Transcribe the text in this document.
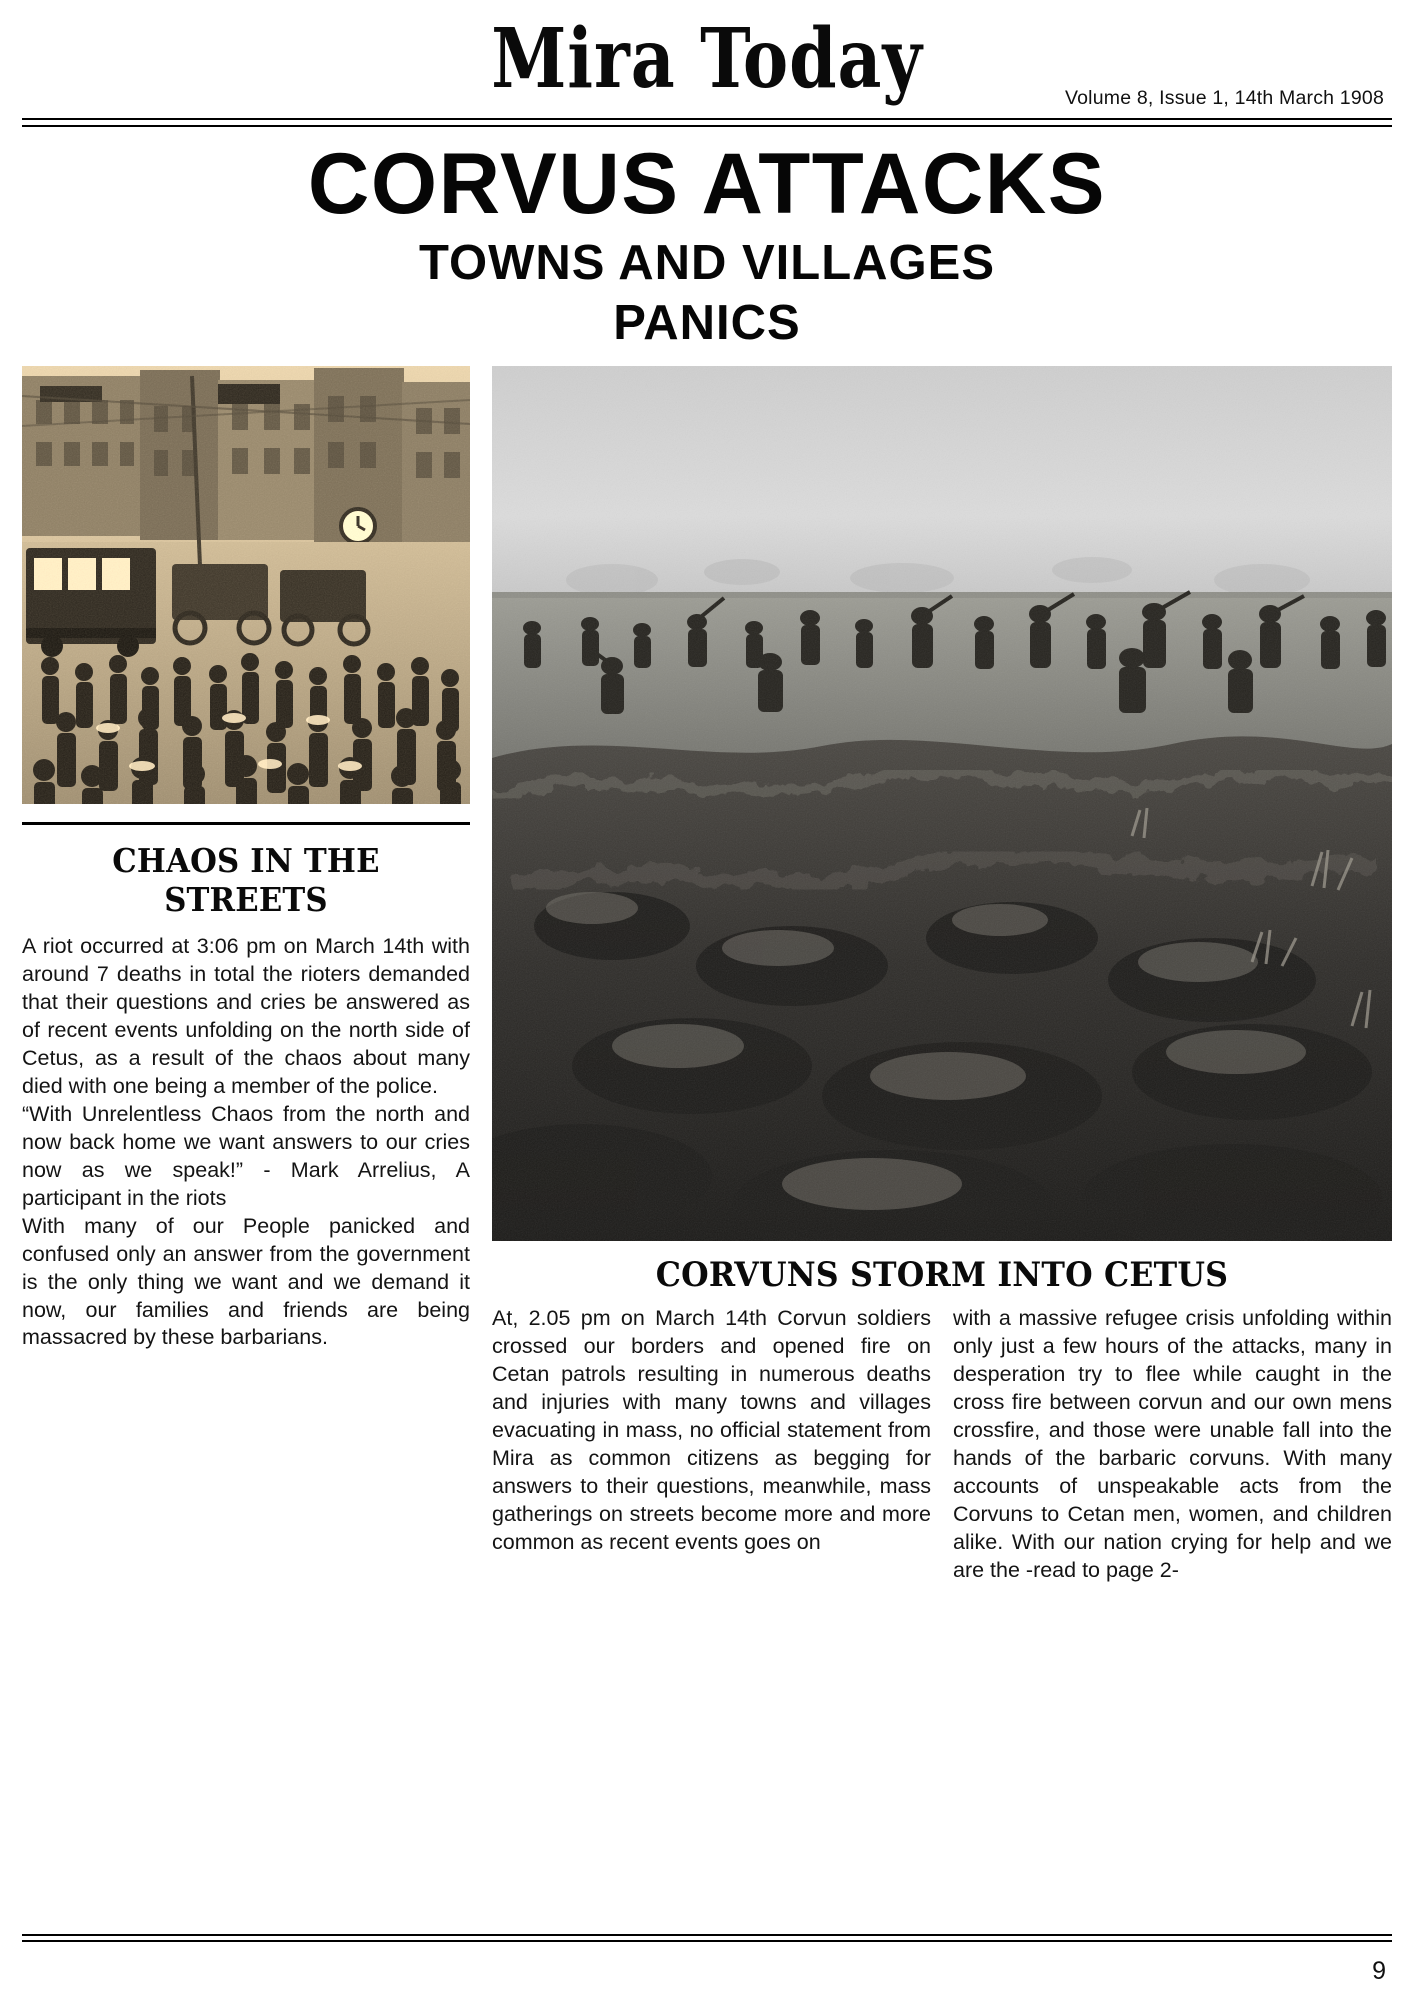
Mira Today	Volume 8, Issue 1, 14th March 1908
CORVUS ATTACKS
TOWNS AND VILLAGES
PANICS
CHAOS IN THE STREETS

A riot occurred at 3:06 pm on March 14th with around 7 deaths in total the rioters demanded that their questions and cries be answered as of recent events unfolding on the north side of Cetus, as a result of the chaos about many died with one being a member of the police.

“With Unrelentless Chaos from the north and now back home we want answers to our cries now as we speak!” - Mark Arrelius, A participant in the riots

With many of our People panicked and confused only an answer from the government is the only thing we want and we demand it now, our families and friends are being massacred by these barbarians.

CORVUNS STORM INTO CETUS

At, 2.05 pm on March 14th Corvun soldiers crossed our borders and opened fire on Cetan patrols resulting in numerous deaths and injuries with many towns and villages evacuating in mass, no official statement from Mira as common citizens as begging for answers to their questions, meanwhile, mass gatherings on streets become more and more common as recent events goes on

with a massive refugee crisis unfolding within only just a few hours of the attacks, many in desperation try to flee while caught in the cross fire between corvun and our own mens crossfire, and those were unable fall into the hands of the barbaric corvuns. With many accounts of unspeakable acts from the Corvuns to Cetan men, women, and children alike. With our nation crying for help and we are the -read to page 2-

9
